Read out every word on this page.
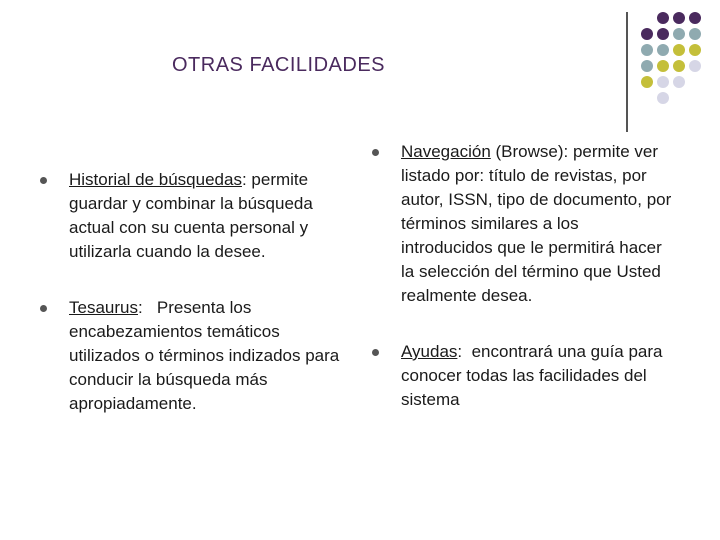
OTRAS FACILIDADES
Historial de búsquedas: permite guardar y combinar la búsqueda actual con su cuenta personal y utilizarla cuando la desee.
Tesaurus:   Presenta los encabezamientos temáticos utilizados o términos indizados para conducir la búsqueda más apropiadamente.
Navegación (Browse): permite ver listado por: título de revistas, por autor, ISSN, tipo de documento, por términos similares a los introducidos que le permitirá hacer la selección del término que Usted realmente desea.
Ayudas:  encontrará una guía para conocer todas las facilidades del sistema
